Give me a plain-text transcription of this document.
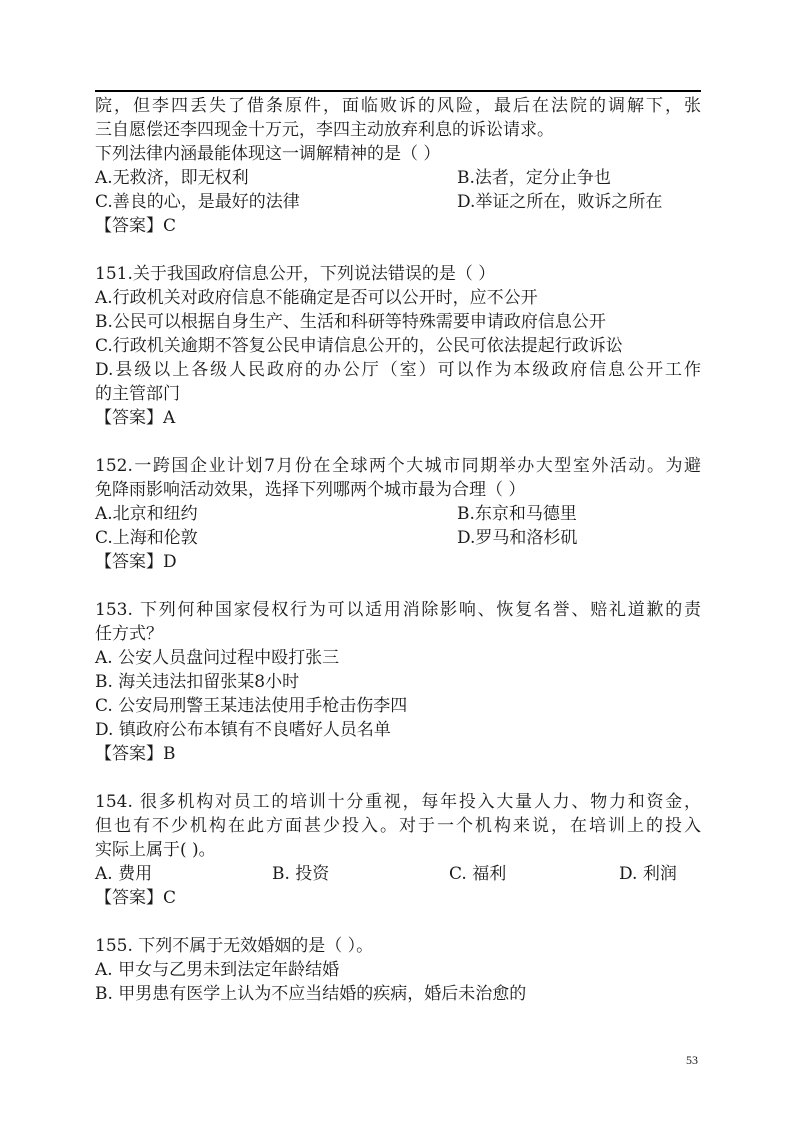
院，但李四丢失了借条原件，面临败诉的风险，最后在法院的调解下，张
三自愿偿还李四现金十万元，李四主动放弃利息的诉讼请求。
下列法律内涵最能体现这一调解精神的是（ ）
A.无救济，即无权利	B.法者，定分止争也
C.善良的心，是最好的法律	D.举证之所在，败诉之所在
【答案】C
151.关于我国政府信息公开，下列说法错误的是（ ）
A.行政机关对政府信息不能确定是否可以公开时，应不公开
B.公民可以根据自身生产、生活和科研等特殊需要申请政府信息公开
C.行政机关逾期不答复公民申请信息公开的，公民可依法提起行政诉讼
D.县级以上各级人民政府的办公厅（室）可以作为本级政府信息公开工作
的主管部门
【答案】A
152.一跨国企业计划7月份在全球两个大城市同期举办大型室外活动。为避
免降雨影响活动效果，选择下列哪两个城市最为合理（ ）
A.北京和纽约	B.东京和马德里
C.上海和伦敦	D.罗马和洛杉矶
【答案】D
153. 下列何种国家侵权行为可以适用消除影响、恢复名誉、赔礼道歉的责
任方式？
A. 公安人员盘问过程中殴打张三
B. 海关违法扣留张某8小时
C. 公安局刑警王某违法使用手枪击伤李四
D. 镇政府公布本镇有不良嗜好人员名单
【答案】B
154. 很多机构对员工的培训十分重视，每年投入大量人力、物力和资金，
但也有不少机构在此方面甚少投入。对于一个机构来说，在培训上的投入
实际上属于( )。
A. 费用	B. 投资	C. 福利	D. 利润
【答案】C
155. 下列不属于无效婚姻的是（ ）。
A. 甲女与乙男未到法定年龄结婚
B. 甲男患有医学上认为不应当结婚的疾病，婚后未治愈的
53
